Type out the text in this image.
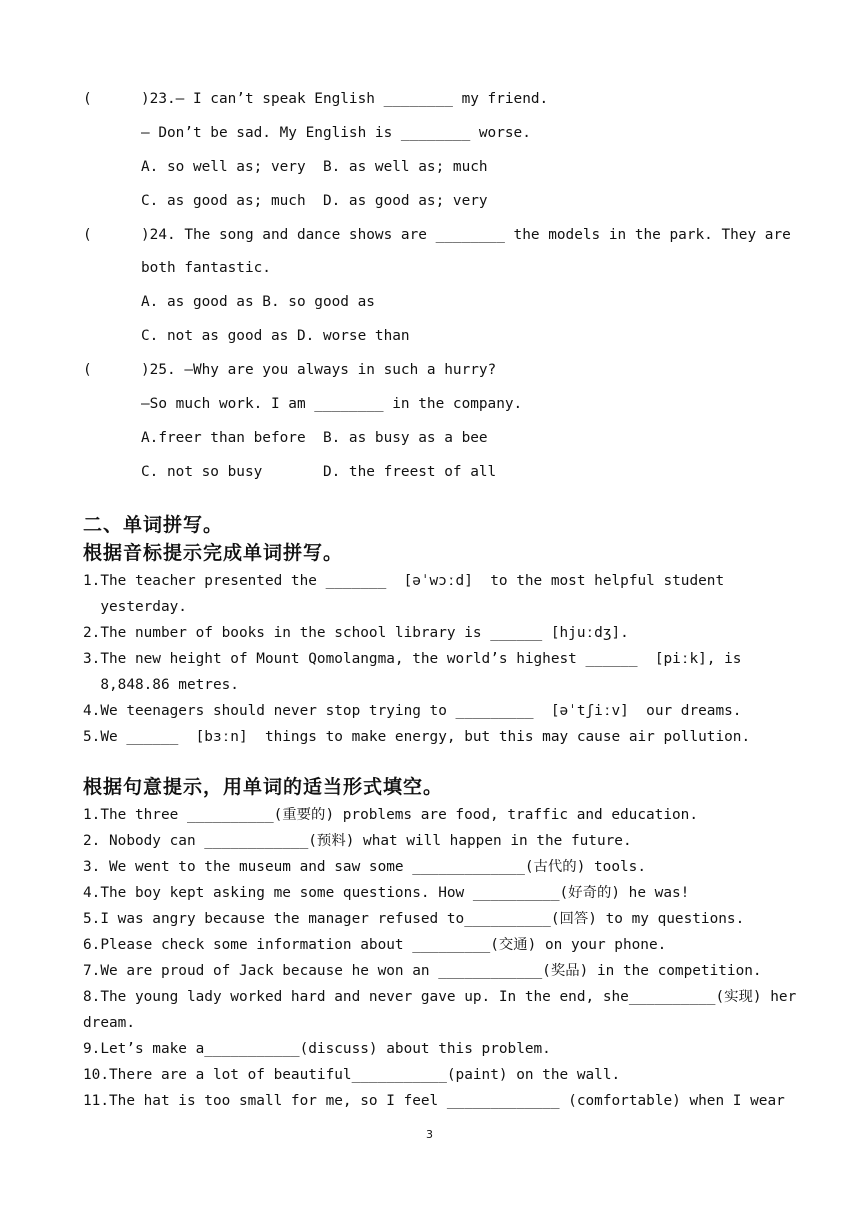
(	)23.— I can’t speak English ________ my friend.
— Don’t be sad. My English is ________ worse.
A. so well as; very  B. as well as; much
C. as good as; much  D. as good as; very
(	)24. The song and dance shows are ________ the models in the park. They are
both fantastic.
A. as good as B. so good as
C. not as good as D. worse than
(	)25. —Why are you always in such a hurry?
—So much work. I am ________ in the company.
A.freer than before  B. as busy as a bee
C. not so busy       D. the freest of all
二、单词拼写。
根据音标提示完成单词拼写。
1.The teacher presented the _______  [əˈwɔːd]  to the most helpful student
yesterday.
2.The number of books in the school library is ______ [hjuːdʒ].
3.The new height of Mount Qomolangma, the world’s highest ______  [piːk], is
8,848.86 metres.
4.We teenagers should never stop trying to _________  [əˈtʃiːv]  our dreams.
5.We ______  [bɜːn]  things to make energy, but this may cause air pollution.
根据句意提示，用单词的适当形式填空。
1.The three __________(重要的) problems are food, traffic and education.
2. Nobody can ____________(预料) what will happen in the future.
3. We went to the museum and saw some _____________(古代的) tools.
4.The boy kept asking me some questions. How __________(好奇的) he was!
5.I was angry because the manager refused to__________(回答) to my questions.
6.Please check some information about _________(交通) on your phone.
7.We are proud of Jack because he won an ____________(奖品) in the competition.
8.The young lady worked hard and never gave up. In the end, she__________(实现) her
dream.
9.Let’s make a___________(discuss) about this problem.
10.There are a lot of beautiful___________(paint) on the wall.
11.The hat is too small for me, so I feel _____________ (comfortable) when I wear
3
